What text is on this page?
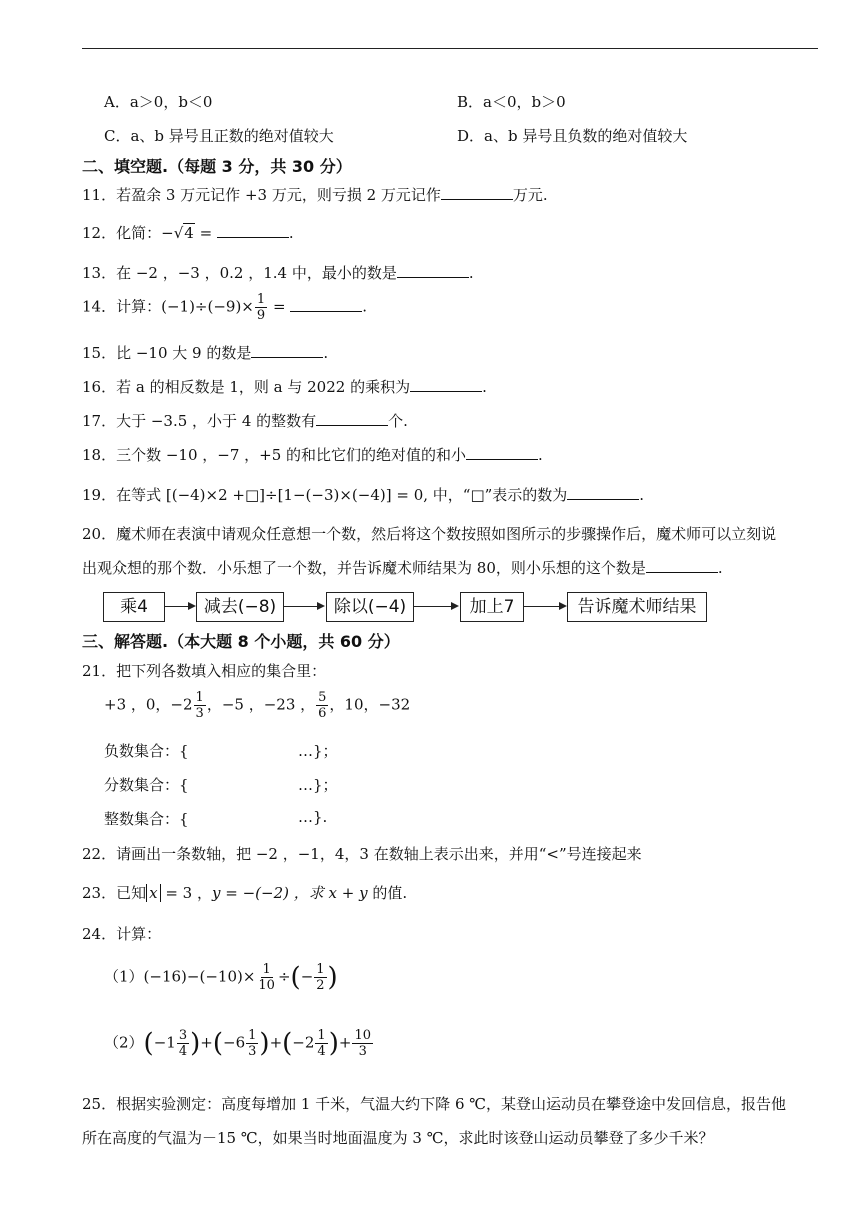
A．a＞0，b＜0	B．a＜0，b＞0
C．a、b 异号且正数的绝对值较大	D．a、b 异号且负数的绝对值较大
二、填空题.（每题 3 分，共 30 分）
11．若盈余 3 万元记作 +3 万元，则亏损 2 万元记作	万元.
12．化简：−√4 =	.
13．在 −2 ，−3 ，0.2 ，1.4 中，最小的数是	.
14．计算：$(-1)\div(-9)\times \frac{1}{9}$ =	.
15．比 −10 大 9 的数是	.
16．若 a 的相反数是 1，则 a 与 2022 的乘积为	.
17．大于 −3.5 ，小于 4 的整数有	个.
18．三个数 −10 ，−7 ，+5 的和比它们的绝对值的和小	.
19．在等式 [(−4)×2 +□]÷[1−(−3)×(−4)] = 0, 中，“□”表示的数为	.
20．魔术师在表演中请观众任意想一个数，然后将这个数按照如图所示的步骤操作后，魔术师可以立刻说
出观众想的那个数．小乐想了一个数，并告诉魔术师结果为 80，则小乐想的这个数是	.
乘4	减去(−8)	除以(−4)	加上7	告诉魔术师结果
三、解答题.（本大题 8 个小题，共 60 分）
21．把下列各数填入相应的集合里：
+3 ，0，$-2 \frac{1}{3}$ ，−5 ，−23 ， $\frac{5}{6}$ ，10，−32
负数集合：{	…}；
分数集合：{	…}；
整数集合：{	…}.
22．请画出一条数轴，把 −2 ，−1，4，3 在数轴上表示出来，并用“<”号连接起来
23．已知 x = 3 ，y = −(−2) ，求 x + y 的值.
24．计算：
$(1)(-16)-(-10)\times \frac{1}{10}$ ÷(− $\frac{1}{2}$ )
$(2)(-1 \frac{3}{4} )+(-6 \frac{1}{3} )+(-2 \frac{1}{4}$ )+ $\frac{10}{3}$
25．根据实验测定：高度每增加 1 千米，气温大约下降 6 ℃，某登山运动员在攀登途中发回信息，报告他
所在高度的气温为－15 ℃，如果当时地面温度为 3 ℃，求此时该登山运动员攀登了多少千米？
